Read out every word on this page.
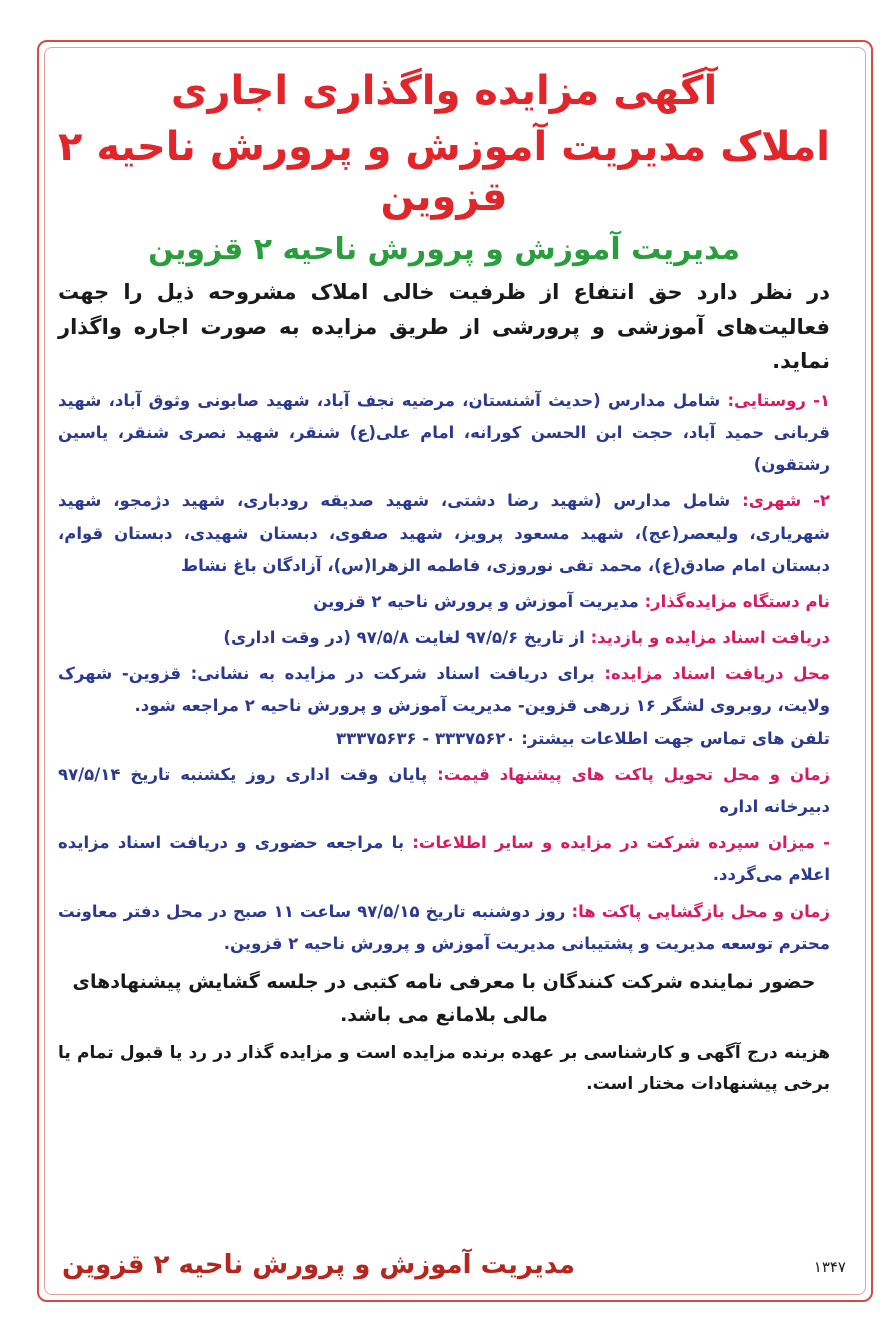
آگهی مزایده واگذاری اجاری
املاک مدیریت آموزش و پرورش ناحیه ۲ قزوین
مدیریت آموزش و پرورش ناحیه ۲ قزوین

در نظر دارد حق انتفاع از ظرفیت خالی املاک مشروحه ذیل را جهت فعالیت‌های آموزشی و پرورشی از طریق مزایده به صورت اجاره واگذار نماید.

۱- روستایی: شامل مدارس (حدیث آشنستان، مرضیه نجف آباد، شهید صابونی وثوق آباد، شهید قربانی حمید آباد، حجت ابن الحسن کورانه، امام علی(ع) شنقر، شهید نصری شنقر، یاسین رشتقون)

۲- شهری: شامل مدارس (شهید رضا دشتی، شهید صدیقه رودباری، شهید دژمجو، شهید شهریاری، ولیعصر(عج)، شهید مسعود پرویز، شهید صفوی، دبستان شهیدی، دبستان قوام، دبستان امام صادق(ع)، محمد تقی نوروزی، فاطمه الزهرا(س)، آزادگان باغ نشاط

نام دستگاه مزایده‌گذار: مدیریت آموزش و پرورش ناحیه ۲ قزوین

دریافت اسناد مزایده و بازدید: از تاریخ ۹۷/۵/۶ لغایت ۹۷/۵/۸ (در وقت اداری)

محل دریافت اسناد مزایده: برای دریافت اسناد شرکت در مزایده به نشانی: قزوین- شهرک ولایت، روبروی لشگر ۱۶ زرهی قزوین- مدیریت آموزش و پرورش ناحیه ۲ مراجعه شود.
تلفن های تماس جهت اطلاعات بیشتر: ۳۳۳۷۵۶۲۰ - ۳۳۳۷۵۶۳۶

زمان و محل تحویل پاکت های پیشنهاد قیمت: پایان وقت اداری روز یکشنبه تاریخ ۹۷/۵/۱۴ دبیرخانه اداره

- میزان سپرده شرکت در مزایده و سایر اطلاعات: با مراجعه حضوری و دریافت اسناد مزایده اعلام می‌گردد.

زمان و محل بازگشایی پاکت ها: روز دوشنبه تاریخ ۹۷/۵/۱۵ ساعت ۱۱ صبح در محل دفتر معاونت محترم توسعه مدیریت و پشتیبانی مدیریت آموزش و پرورش ناحیه ۲ قزوین.

حضور نماینده شرکت کنندگان با معرفی نامه کتبی در جلسه گشایش پیشنهادهای مالی بلامانع می باشد.

هزینه درج آگهی و کارشناسی بر عهده برنده مزایده است و مزایده گذار در رد یا قبول تمام یا برخی پیشنهادات مختار است.

مدیریت آموزش و پرورش ناحیه ۲ قزوین	۱۳۴۷
